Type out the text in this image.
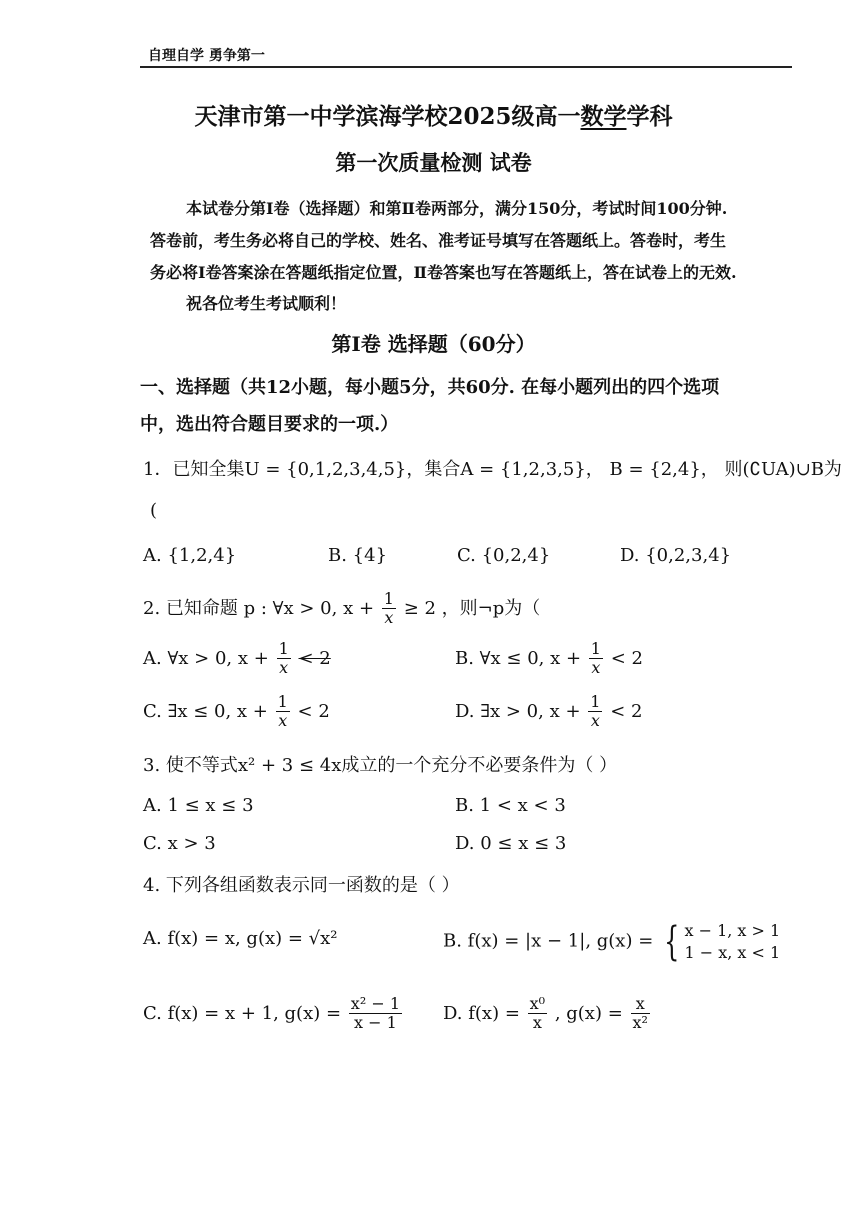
自理自学 勇争第一
天津市第一中学滨海学校2025级高一数学学科
第一次质量检测 试卷
本试卷分第Ⅰ卷（选择题）和第Ⅱ卷两部分，满分150分，考试时间100分钟.
答卷前，考生务必将自己的学校、姓名、准考证号填写在答题纸上。答卷时，考生
务必将Ⅰ卷答案涂在答题纸指定位置，Ⅱ卷答案也写在答题纸上，答在试卷上的无效.
祝各位考生考试顺利！
第Ⅰ卷 选择题（60分）
一、选择题（共12小题，每小题5分，共60分. 在每小题列出的四个选项
中，选出符合题目要求的一项.）
1．已知全集U = {0,1,2,3,4,5}，集合A = {1,2,3,5}， B = {2,4}， 则(∁UA)∪B为
(
A. {1,2,4}	B. {4}	C. {0,2,4}	D. {0,2,3,4}
2. 已知命题 p : ∀x > 0, $x + \frac{1}{x} \ge 2$ ，则¬p为（
A. ∀x > 0, $x + \frac{1}{x} < 2$	B. ∀x ≤ 0, $x + \frac{1}{x} < 2$
C. ∃x ≤ 0, $x + \frac{1}{x} < 2$	D. ∃x > 0, $x + \frac{1}{x} < 2$
3. 使不等式x² + 3 ≤ 4x成立的一个充分不必要条件为（ ）
A. 1 ≤ x ≤ 3	B. 1 < x < 3
C. x > 3	D. 0 ≤ x ≤ 3
4. 下列各组函数表示同一函数的是（ ）
A. f(x) = x, g(x) = √x²	B. f(x) = |x − 1|, g(x) = { x − 1, x > 1
1 − x, x < 1
C. f(x) = x + 1, $g(x) = \frac{\text{x² − 1}}{x - 1} D$. $f(x) = \frac{\text{x⁰}}{x}$ , $g(x) = \frac{x}{\text{x²}}$
